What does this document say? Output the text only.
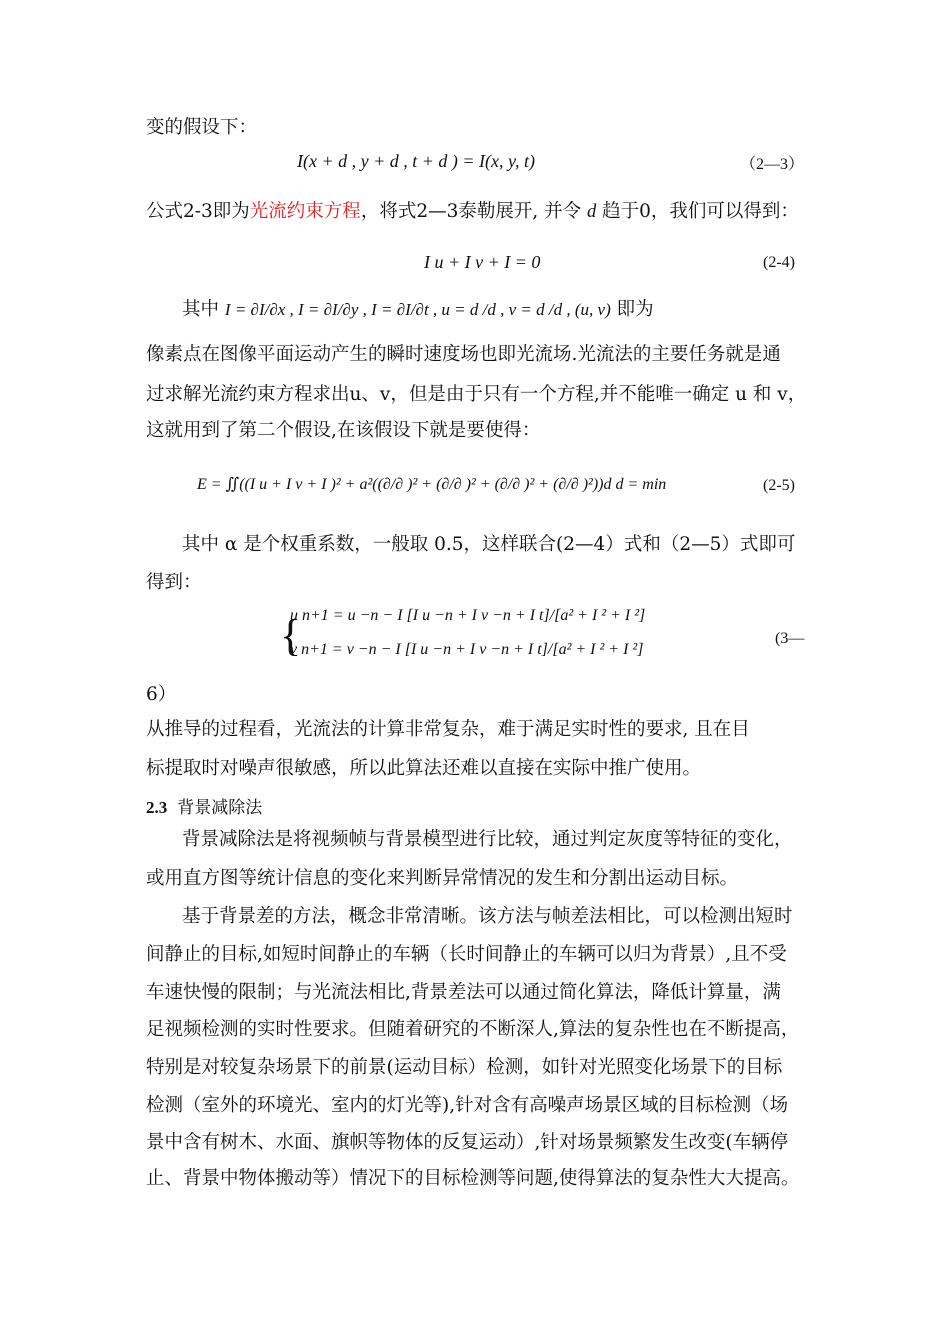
变的假设下：
I(x + d , y + d , t + d ) = I(x, y, t)	（2—3）
公式2-3即为光流约束方程，将式2—3泰勒展开, 并令 d 趋于0，我们可以得到：
I u + I v + I = 0	(2-4)
其中 I = ∂I/∂x , I = ∂I/∂y , I = ∂I/∂t , u = d /d , v = d /d , (u, v) 即为
像素点在图像平面运动产生的瞬时速度场也即光流场.光流法的主要任务就是通
过求解光流约束方程求出u、v，但是由于只有一个方程,并不能唯一确定 u 和 v，
这就用到了第二个假设,在该假设下就是要使得：
E = ∬((I u + I v + I )² + a²((∂/∂ )² + (∂/∂ )² + (∂/∂ )² + (∂/∂ )²))d d = min	(2-5)
其中 α 是个权重系数，一般取 0.5，这样联合(2—4）式和（2—5）式即可
得到：
{
u n+1 = u −n − I [I u −n + I v −n + I t]/[a² + I ² + I ²]
v n+1 = v −n − I [I u −n + I v −n + I t]/[a² + I ² + I ²]
(3—
6）
从推导的过程看，光流法的计算非常复杂，难于满足实时性的要求, 且在目
标提取时对噪声很敏感，所以此算法还难以直接在实际中推广使用。
2.3 背景减除法
背景减除法是将视频帧与背景模型进行比较，通过判定灰度等特征的变化，
或用直方图等统计信息的变化来判断异常情况的发生和分割出运动目标。
基于背景差的方法，概念非常清晰。该方法与帧差法相比，可以检测出短时
间静止的目标,如短时间静止的车辆（长时间静止的车辆可以归为背景）,且不受
车速快慢的限制；与光流法相比,背景差法可以通过简化算法，降低计算量，满
足视频检测的实时性要求。但随着研究的不断深人,算法的复杂性也在不断提高，
特别是对较复杂场景下的前景(运动目标）检测，如针对光照变化场景下的目标
检测（室外的环境光、室内的灯光等),针对含有高噪声场景区域的目标检测（场
景中含有树木、水面、旗帜等物体的反复运动）,针对场景频繁发生改变(车辆停
止、背景中物体搬动等）情况下的目标检测等问题,使得算法的复杂性大大提高。
